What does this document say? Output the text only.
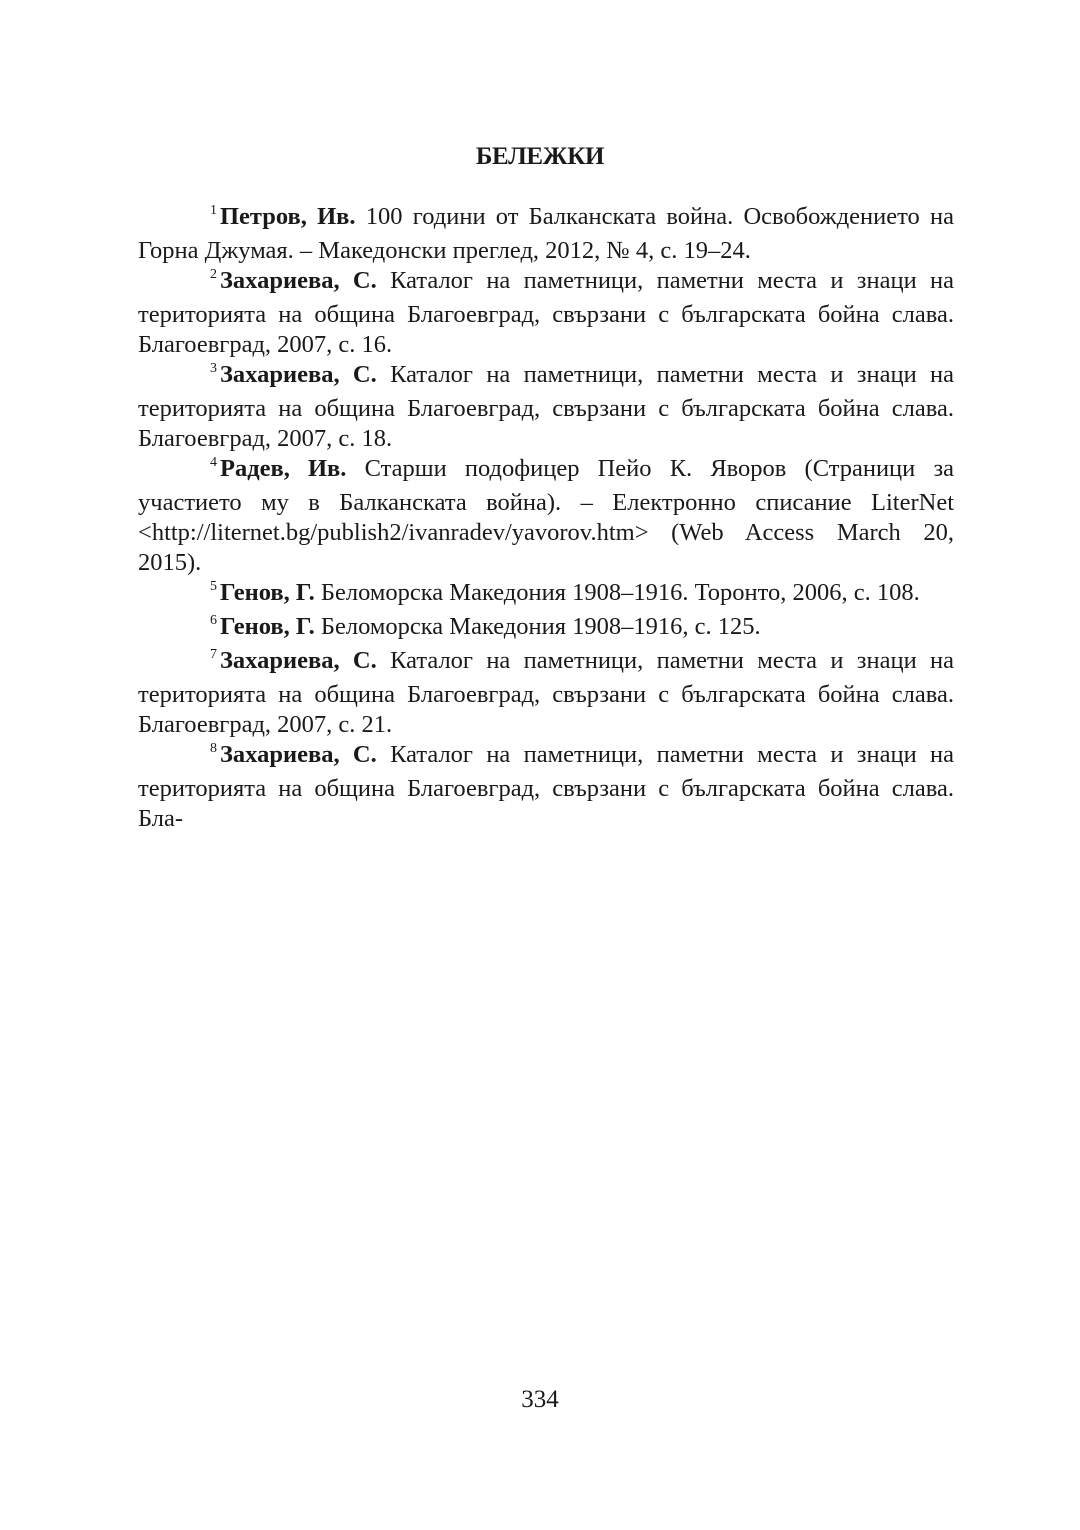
БЕЛЕЖКИ

$^1$ Петров, Ив. 100 години от Балканската война. Освобождението на Горна Джумая. – Македонски преглед, 2012, № 4, с. 19–24.

$^2$ Захариева, С. Каталог на паметници, паметни места и знаци на територията на община Благоевград, свързани с българската бойна слава. Благоевград, 2007, с. 16.

$^3$ Захариева, С. Каталог на паметници, паметни места и знаци на територията на община Благоевград, свързани с българската бойна слава. Благоевград, 2007, с. 18.

$^4$ Радев, Ив. Старши подофицер Пейо К. Яворов (Страници за участието му в Балканската война). – Електронно списание LiterNet <http://liternet.bg/publish2/ivanradev/yavorov.htm> (Web Access March 20, 2015).

$^5$ Генов, Г. Беломорска Македония 1908–1916. Торонто, 2006, с. 108.

$^6$ Генов, Г. Беломорска Македония 1908–1916, с. 125.

$^7$ Захариева, С. Каталог на паметници, паметни места и знаци на територията на община Благоевград, свързани с българската бойна слава. Благоевград, 2007, с. 21.

$^8$ Захариева, С. Каталог на паметници, паметни места и знаци на територията на община Благоевград, свързани с българската бойна слава. Бла-

334
